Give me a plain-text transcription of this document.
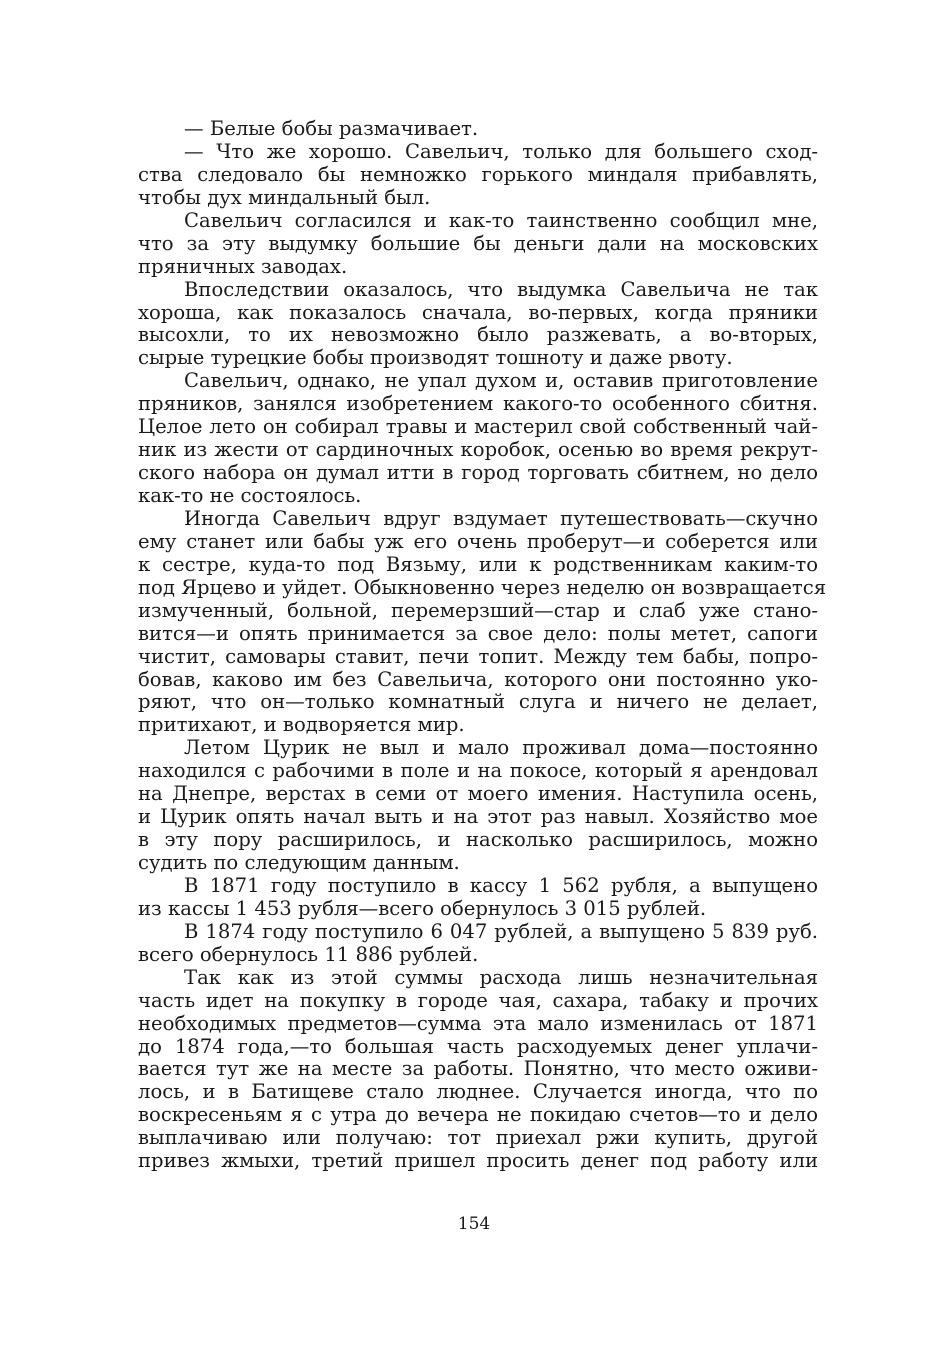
— Белые бобы размачивает.
— Что же хорошо. Савельич, только для большего сход-
ства следовало бы немножко горького миндаля прибавлять,
чтобы дух миндальный был.
Савельич согласился и как-то таинственно сообщил мне,
что за эту выдумку большие бы деньги дали на московских
пряничных заводах.
Впоследствии оказалось, что выдумка Савельича не так
хороша, как показалось сначала, во-первых, когда пряники
высохли, то их невозможно было разжевать, а во-вторых,
сырые турецкие бобы производят тошноту и даже рвоту.
Савельич, однако, не упал духом и, оставив приготовление
пряников, занялся изобретением какого-то особенного сбитня.
Целое лето он собирал травы и мастерил свой собственный чай-
ник из жести от сардиночных коробок, осенью во время рекрут-
ского набора он думал итти в город торговать сбитнем, но дело
как-то не состоялось.
Иногда Савельич вдруг вздумает путешествовать—скучно
ему станет или бабы уж его очень проберут—и соберется или
к сестре, куда-то под Вязьму, или к родственникам каким-то
под Ярцево и уйдет. Обыкновенно через неделю он возвращается
измученный, больной, перемерзший—стар и слаб уже стано-
вится—и опять принимается за свое дело: полы метет, сапоги
чистит, самовары ставит, печи топит. Между тем бабы, попро-
бовав, каково им без Савельича, которого они постоянно уко-
ряют, что он—только комнатный слуга и ничего не делает,
притихают, и водворяется мир.
Летом Цурик не выл и мало проживал дома—постоянно
находился с рабочими в поле и на покосе, который я арендовал
на Днепре, верстах в семи от моего имения. Наступила осень,
и Цурик опять начал выть и на этот раз навыл. Хозяйство мое
в эту пору расширилось, и насколько расширилось, можно
судить по следующим данным.
В 1871 году поступило в кассу 1 562 рубля, а выпущено
из кассы 1 453 рубля—всего обернулось 3 015 рублей.
В 1874 году поступило 6 047 рублей, а выпущено 5 839 руб.
всего обернулось 11 886 рублей.
Так как из этой суммы расхода лишь незначительная
часть идет на покупку в городе чая, сахара, табаку и прочих
необходимых предметов—сумма эта мало изменилась от 1871
до 1874 года,—то большая часть расходуемых денег уплачи-
вается тут же на месте за работы. Понятно, что место оживи-
лось, и в Батищеве стало люднее. Случается иногда, что по
воскресеньям я с утра до вечера не покидаю счетов—то и дело
выплачиваю или получаю: тот приехал ржи купить, другой
привез жмыхи, третий пришел просить денег под работу или
154
